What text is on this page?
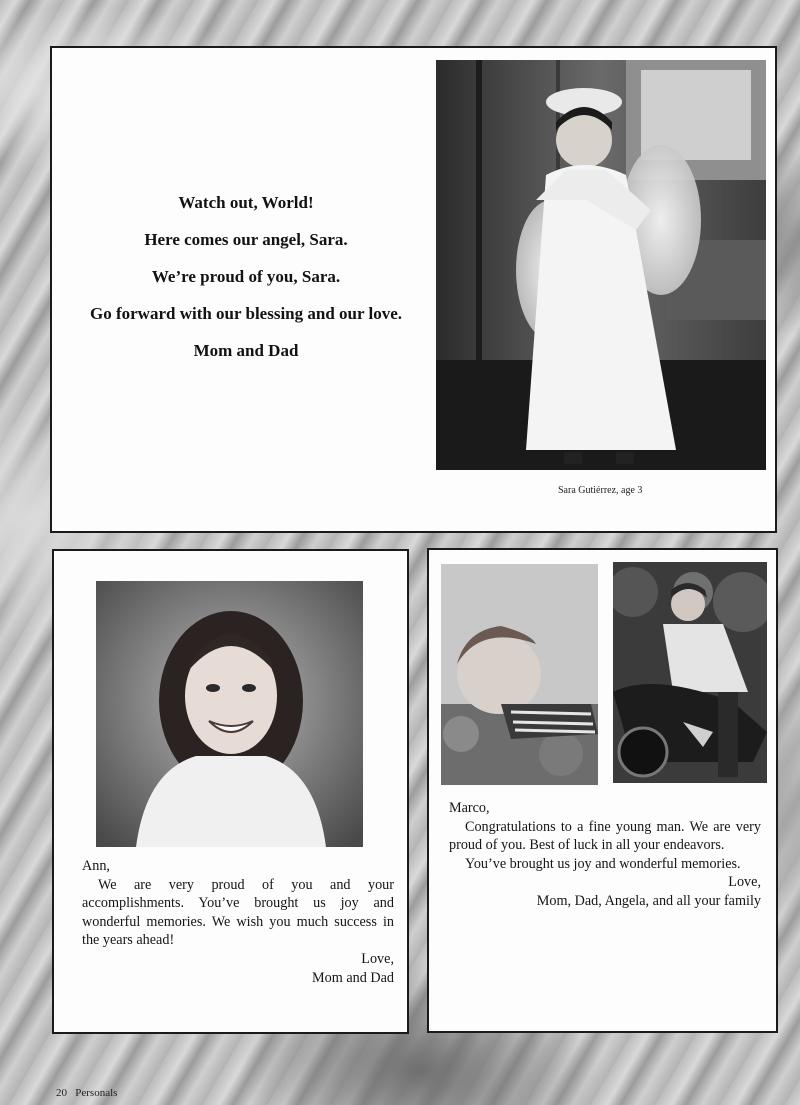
Watch out, World!
Here comes our angel, Sara.
We’re proud of you, Sara.
Go forward with our blessing and our love.
Mom and Dad
Sara Gutiérrez, age 3
Ann,
We are very proud of you and your accomplishments. You’ve brought us joy and wonderful memories. We wish you much success in the years ahead!
Love,
Mom and Dad
Marco,
Congratulations to a fine young man. We are very proud of you. Best of luck in all your endeavors.
You’ve brought us joy and wonderful memories.
Love,
Mom, Dad, Angela, and all your family
20 Personals
